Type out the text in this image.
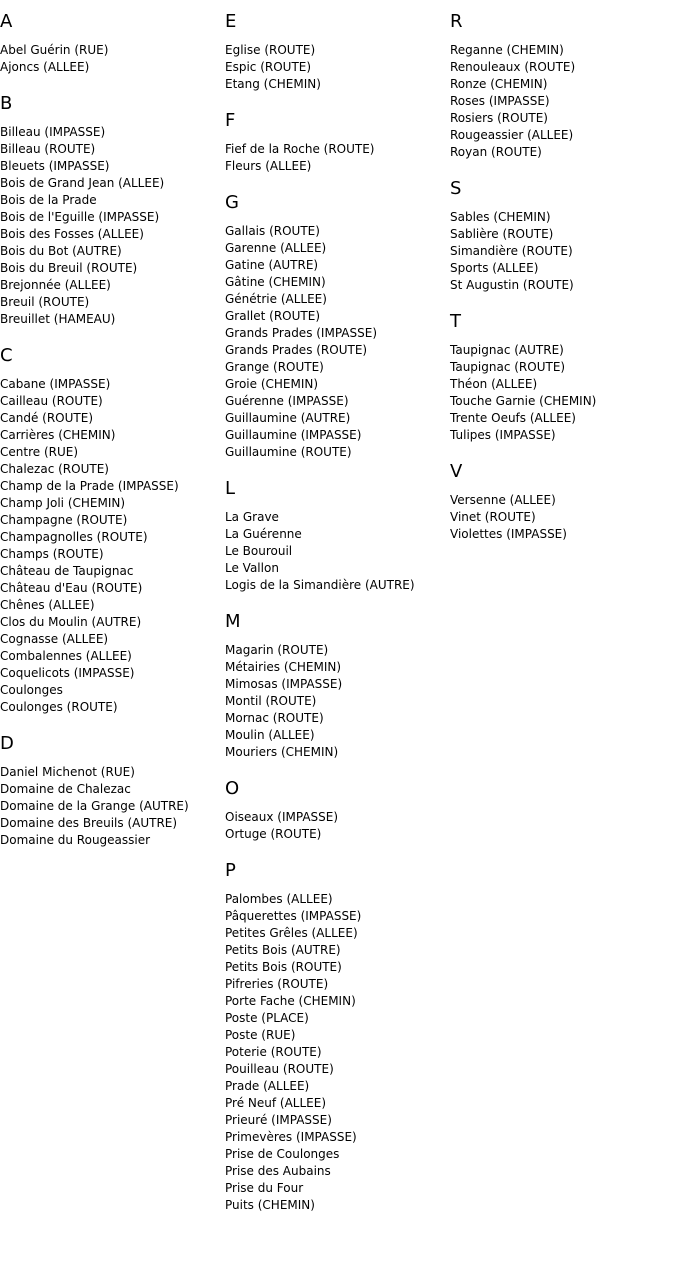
A
Abel Guérin (RUE)
Ajoncs (ALLEE)
B
Billeau (IMPASSE)
Billeau (ROUTE)
Bleuets (IMPASSE)
Bois de Grand Jean (ALLEE)
Bois de la Prade
Bois de l'Eguille (IMPASSE)
Bois des Fosses (ALLEE)
Bois du Bot (AUTRE)
Bois du Breuil (ROUTE)
Brejonnée (ALLEE)
Breuil (ROUTE)
Breuillet (HAMEAU)
C
Cabane (IMPASSE)
Cailleau (ROUTE)
Candé (ROUTE)
Carrières (CHEMIN)
Centre (RUE)
Chalezac (ROUTE)
Champ de la Prade (IMPASSE)
Champ Joli (CHEMIN)
Champagne (ROUTE)
Champagnolles (ROUTE)
Champs (ROUTE)
Château de Taupignac
Château d'Eau (ROUTE)
Chênes (ALLEE)
Clos du Moulin (AUTRE)
Cognasse (ALLEE)
Combalennes (ALLEE)
Coquelicots (IMPASSE)
Coulonges
Coulonges (ROUTE)
D
Daniel Michenot (RUE)
Domaine de Chalezac
Domaine de la Grange (AUTRE)
Domaine des Breuils (AUTRE)
Domaine du Rougeassier
E
Eglise (ROUTE)
Espic (ROUTE)
Etang (CHEMIN)
F
Fief de la Roche (ROUTE)
Fleurs (ALLEE)
G
Gallais (ROUTE)
Garenne (ALLEE)
Gatine (AUTRE)
Gâtine (CHEMIN)
Génétrie (ALLEE)
Grallet (ROUTE)
Grands Prades (IMPASSE)
Grands Prades (ROUTE)
Grange (ROUTE)
Groie (CHEMIN)
Guérenne (IMPASSE)
Guillaumine (AUTRE)
Guillaumine (IMPASSE)
Guillaumine (ROUTE)
L
La Grave
La Guérenne
Le Bourouil
Le Vallon
Logis de la Simandière (AUTRE)
M
Magarin (ROUTE)
Métairies (CHEMIN)
Mimosas (IMPASSE)
Montil (ROUTE)
Mornac (ROUTE)
Moulin (ALLEE)
Mouriers (CHEMIN)
O
Oiseaux (IMPASSE)
Ortuge (ROUTE)
P
Palombes (ALLEE)
Pâquerettes (IMPASSE)
Petites Grêles (ALLEE)
Petits Bois (AUTRE)
Petits Bois (ROUTE)
Pifreries (ROUTE)
Porte Fache (CHEMIN)
Poste (PLACE)
Poste (RUE)
Poterie (ROUTE)
Pouilleau (ROUTE)
Prade (ALLEE)
Pré Neuf (ALLEE)
Prieuré (IMPASSE)
Primevères (IMPASSE)
Prise de Coulonges
Prise des Aubains
Prise du Four
Puits (CHEMIN)
R
Reganne (CHEMIN)
Renouleaux (ROUTE)
Ronze (CHEMIN)
Roses (IMPASSE)
Rosiers (ROUTE)
Rougeassier (ALLEE)
Royan (ROUTE)
S
Sables (CHEMIN)
Sablière (ROUTE)
Simandière (ROUTE)
Sports (ALLEE)
St Augustin (ROUTE)
T
Taupignac (AUTRE)
Taupignac (ROUTE)
Théon (ALLEE)
Touche Garnie (CHEMIN)
Trente Oeufs (ALLEE)
Tulipes (IMPASSE)
V
Versenne (ALLEE)
Vinet (ROUTE)
Violettes (IMPASSE)
